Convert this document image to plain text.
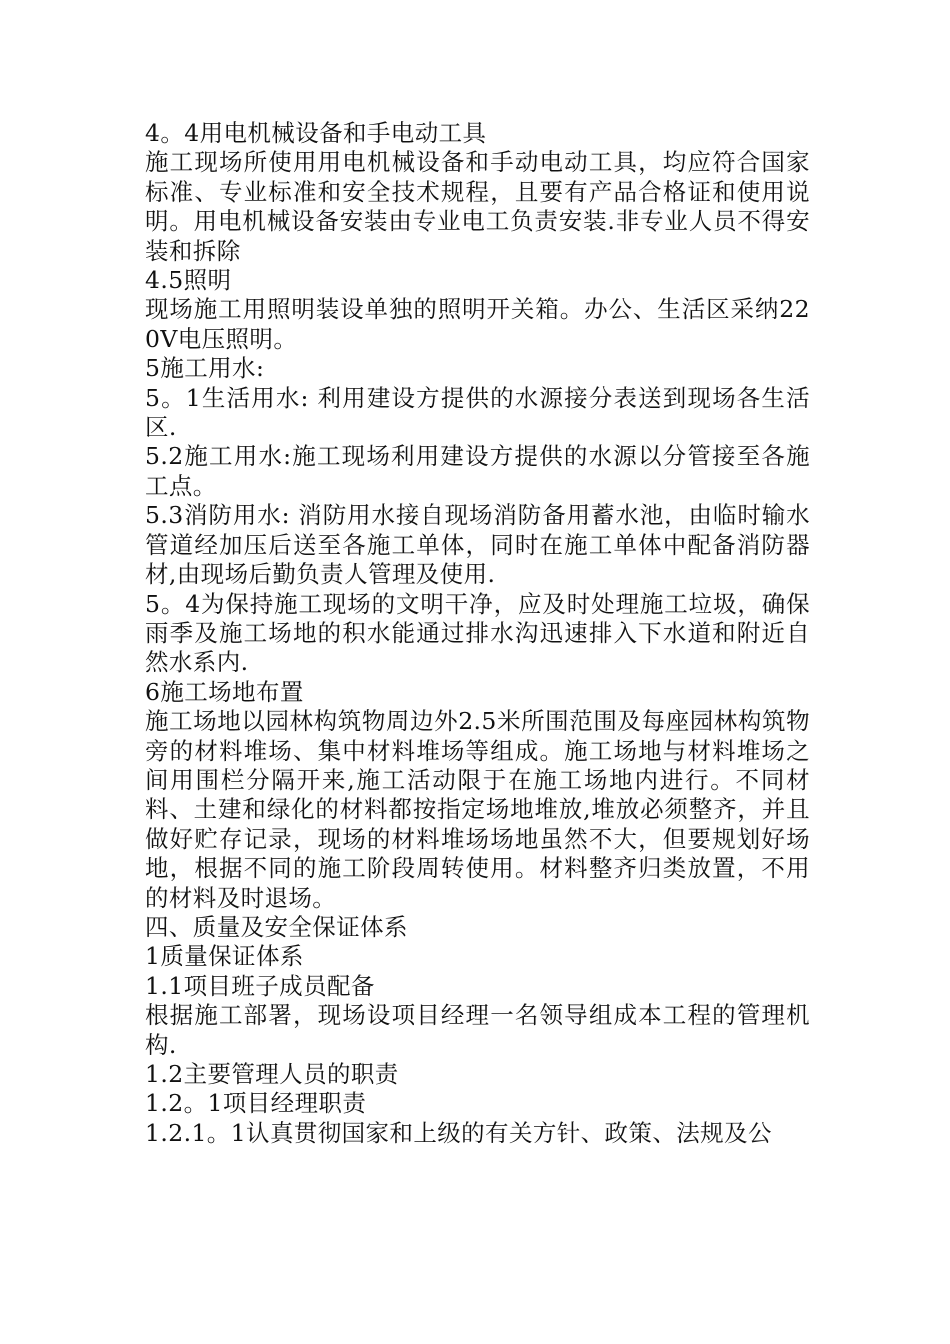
4。4用电机械设备和手电动工具

施工现场所使用用电机械设备和手动电动工具，均应符合国家标准、专业标准和安全技术规程，且要有产品合格证和使用说明。用电机械设备安装由专业电工负责安装.非专业人员不得安装和拆除

4.5照明

现场施工用照明装设单独的照明开关箱。办公、生活区采纳220V电压照明。

5施工用水:

5。1生活用水: 利用建设方提供的水源接分表送到现场各生活区.

5.2施工用水:施工现场利用建设方提供的水源以分管接至各施工点。

5.3消防用水: 消防用水接自现场消防备用蓄水池，由临时输水管道经加压后送至各施工单体，同时在施工单体中配备消防器材,由现场后勤负责人管理及使用.

5。4为保持施工现场的文明干净，应及时处理施工垃圾，确保雨季及施工场地的积水能通过排水沟迅速排入下水道和附近自然水系内.

6施工场地布置

施工场地以园林构筑物周边外2.5米所围范围及每座园林构筑物旁的材料堆场、集中材料堆场等组成。施工场地与材料堆场之间用围栏分隔开来,施工活动限于在施工场地内进行。不同材料、土建和绿化的材料都按指定场地堆放,堆放必须整齐，并且做好贮存记录，现场的材料堆场场地虽然不大，但要规划好场地，根据不同的施工阶段周转使用。材料整齐归类放置，不用的材料及时退场。

四、质量及安全保证体系

1质量保证体系

1.1项目班子成员配备

根据施工部署，现场设项目经理一名领导组成本工程的管理机构.

1.2主要管理人员的职责

1.2。1项目经理职责

1.2.1。1认真贯彻国家和上级的有关方针、政策、法规及公
